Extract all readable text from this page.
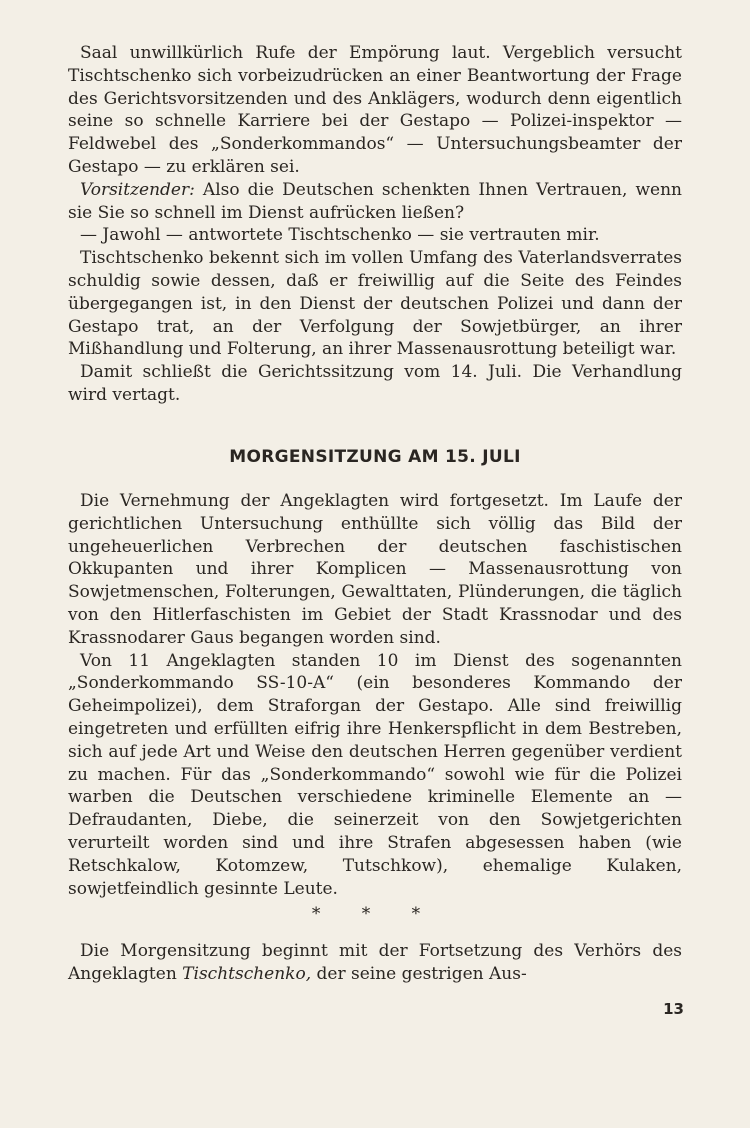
Saal unwillkürlich Rufe der Empörung laut. Vergeblich versucht Tischtschenko sich vorbeizudrücken an einer Beantwortung der Frage des Gerichtsvorsitzenden und des Anklägers, wodurch denn eigentlich seine so schnelle Karriere bei der Gestapo — Polizei-inspektor — Feldwebel des „Sonderkommandos“ — Untersuchungsbeamter der Gestapo — zu erklären sei.

Vorsitzender: Also die Deutschen schenkten Ihnen Vertrauen, wenn sie Sie so schnell im Dienst aufrücken ließen?

— Jawohl — antwortete Tischtschenko — sie vertrauten mir.

Tischtschenko bekennt sich im vollen Umfang des Vaterlandsverrates schuldig sowie dessen, daß er freiwillig auf die Seite des Feindes übergegangen ist, in den Dienst der deutschen Polizei und dann der Gestapo trat, an der Verfolgung der Sowjetbürger, an ihrer Mißhandlung und Folterung, an ihrer Massenausrottung beteiligt war.

Damit schließt die Gerichtssitzung vom 14. Juli. Die Verhandlung wird vertagt.

MORGENSITZUNG AM 15. JULI

Die Vernehmung der Angeklagten wird fortgesetzt. Im Laufe der gerichtlichen Untersuchung enthüllte sich völlig das Bild der ungeheuerlichen Verbrechen der deutschen faschistischen Okkupanten und ihrer Komplicen — Massenausrottung von Sowjetmenschen, Folterungen, Gewalttaten, Plünderungen, die täglich von den Hitlerfaschisten im Gebiet der Stadt Krassnodar und des Krassnodarer Gaus begangen worden sind.

Von 11 Angeklagten standen 10 im Dienst des sogenannten „Sonderkommando SS-10-A“ (ein besonderes Kommando der Geheimpolizei), dem Straforgan der Gestapo. Alle sind freiwillig eingetreten und erfüllten eifrig ihre Henkerspflicht in dem Bestreben, sich auf jede Art und Weise den deutschen Herren gegenüber verdient zu machen. Für das „Sonderkommando“ sowohl wie für die Polizei warben die Deutschen verschiedene kriminelle Elemente an — Defraudanten, Diebe, die seinerzeit von den Sowjetgerichten verurteilt worden sind und ihre Strafen abgesessen haben (wie Retschkalow, Kotomzew, Tutschkow), ehemalige Kulaken, sowjetfeindlich gesinnte Leute.

* * *

Die Morgensitzung beginnt mit der Fortsetzung des Verhörs des Angeklagten Tischtschenko, der seine gestrigen Aus-

13
